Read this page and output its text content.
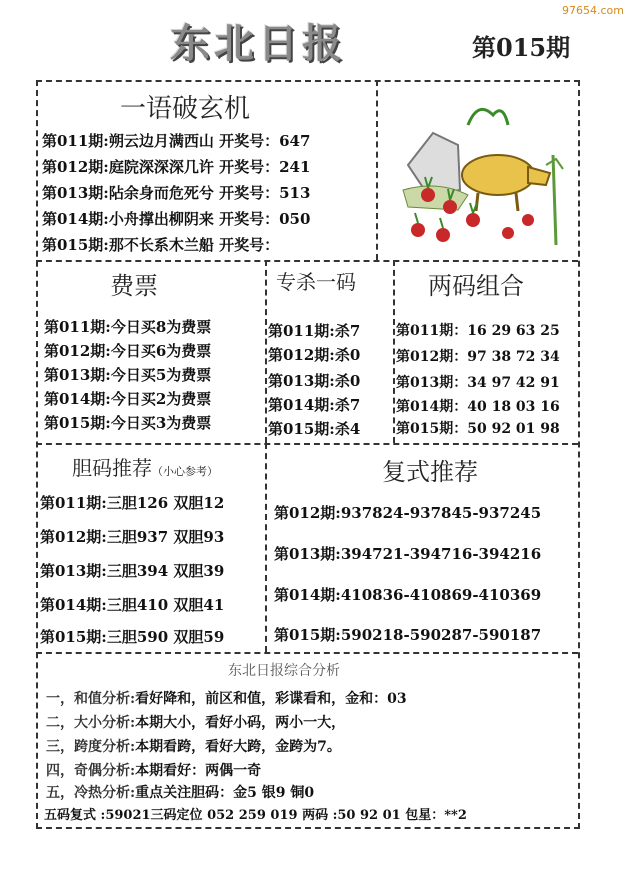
97654.com
东北日报	第015期
一语破玄机
第011期:朔云边月满西山 开奖号：647
第012期:庭院深深深几许 开奖号：241
第013期:阽余身而危死兮 开奖号：513
第014期:小舟撑出柳阴来 开奖号：050
第015期:那不长系木兰船 开奖号：
费票
第011期:今日买8为费票
第012期:今日买6为费票
第013期:今日买5为费票
第014期:今日买2为费票
第015期:今日买3为费票
专杀一码
第011期:杀7
第012期:杀0
第013期:杀0
第014期:杀7
第015期:杀4
两码组合
第011期：16 29 63 25
第012期：97 38 72 34
第013期：34 97 42 91
第014期：40 18 03 16
第015期：50 92 01 98
胆码推荐（小心参考）
第011期:三胆126 双胆12
第012期:三胆937 双胆93
第013期:三胆394 双胆39
第014期:三胆410 双胆41
第015期:三胆590 双胆59
复式推荐
第012期:937824-937845-937245
第013期:394721-394716-394216
第014期:410836-410869-410369
第015期:590218-590287-590187
东北日报综合分析
一，和值分析:看好降和，前区和值，彩谍看和，金和：03
二，大小分析:本期大小，看好小码，两小一大，
三，跨度分析:本期看跨，看好大跨，金跨为7。
四，奇偶分析:本期看好：两偶一奇
五，冷热分析:重点关注胆码：金5 银9 铜0
五码复式 :59021三码定位 052 259 019 两码 :50 92 01 包星：**2
